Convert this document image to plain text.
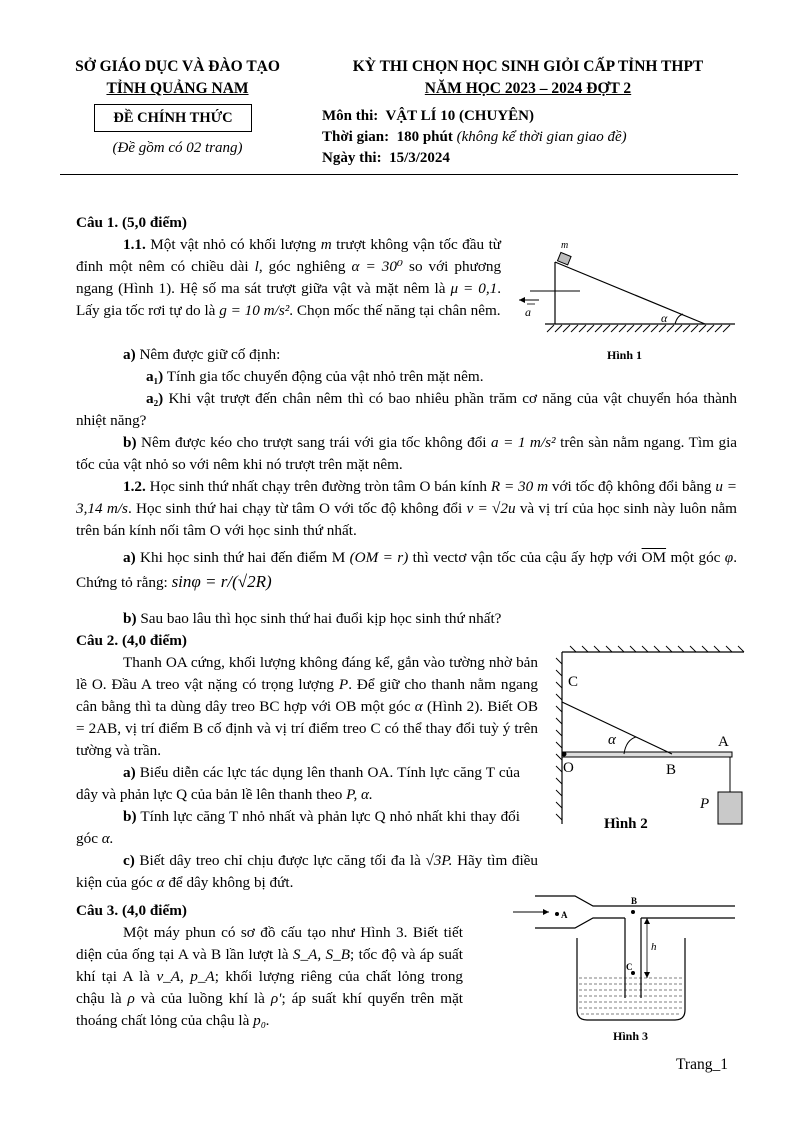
SỞ GIÁO DỤC VÀ ĐÀO TẠO
TỈNH QUẢNG NAM
KỲ THI CHỌN HỌC SINH GIỎI CẤP TỈNH THPT
NĂM HỌC 2023 – 2024 ĐỢT 2
ĐỀ CHÍNH THỨC
(Đề gồm có 02 trang)
Môn thi: VẬT LÍ 10 (CHUYÊN)
Thời gian: 180 phút (không kể thời gian giao đề)
Ngày thi: 15/3/2024
Câu 1. (5,0 điểm)
1.1. Một vật nhỏ có khối lượng m trượt không vận tốc đầu từ đỉnh một nêm có chiều dài l, góc nghiêng α = 30⁰ so với phương ngang (Hình 1). Hệ số ma sát trượt giữa vật và mặt nêm là μ = 0,1. Lấy gia tốc rơi tự do là g = 10 m/s². Chọn mốc thế năng tại chân nêm.
m
a	α
Hình 1
a) Nêm được giữ cố định:
a₁) Tính gia tốc chuyển động của vật nhỏ trên mặt nêm.
a₂) Khi vật trượt đến chân nêm thì có bao nhiêu phần trăm cơ năng của vật chuyển hóa thành nhiệt năng?
b) Nêm được kéo cho trượt sang trái với gia tốc không đổi a = 1 m/s² trên sàn nằm ngang. Tìm gia tốc của vật nhỏ so với nêm khi nó trượt trên mặt nêm.
1.2. Học sinh thứ nhất chạy trên đường tròn tâm O bán kính R = 30 m với tốc độ không đổi bằng u = 3,14 m/s. Học sinh thứ hai chạy từ tâm O với tốc độ không đổi v = √2u và vị trí của học sinh này luôn nằm trên bán kính nối tâm O với học sinh thứ nhất.
a) Khi học sinh thứ hai đến điểm M (OM = r) thì vectơ vận tốc của cậu ấy hợp với $\overline{OM}$ một góc φ. Chứng tỏ rằng: sinφ = r/(√2R)
b) Sau bao lâu thì học sinh thứ hai đuổi kịp học sinh thứ nhất?
Câu 2. (4,0 điểm)
Thanh OA cứng, khối lượng không đáng kể, gắn vào tường nhờ bản lề O. Đầu A treo vật nặng có trọng lượng P. Để giữ cho thanh nằm ngang cân bằng thì ta dùng dây treo BC hợp với OB một góc α (Hình 2). Biết OB = 2AB, vị trí điểm B cố định và vị trí điểm treo C có thể thay đổi tuỳ ý trên tường và trần.
a) Biểu diễn các lực tác dụng lên thanh OA. Tính lực căng T của dây và phản lực Q của bản lề lên thanh theo P, α.
b) Tính lực căng T nhỏ nhất và phản lực Q nhỏ nhất khi thay đổi góc α.
c) Biết dây treo chỉ chịu được lực căng tối đa là √3P. Hãy tìm điều kiện của góc α để dây không bị đứt.
C
α	A
O	B
P
Hình 2
Câu 3. (4,0 điểm)
Một máy phun có sơ đồ cấu tạo như Hình 3. Biết tiết diện của ống tại A và B lần lượt là S_A, S_B; tốc độ và áp suất khí tại A là v_A, p_A; khối lượng riêng của chất lỏng trong chậu là ρ và của luồng khí là ρ'; áp suất khí quyển trên mặt thoáng chất lỏng của chậu là p₀.
A
B
C
h
Hình 3
Trang_1
